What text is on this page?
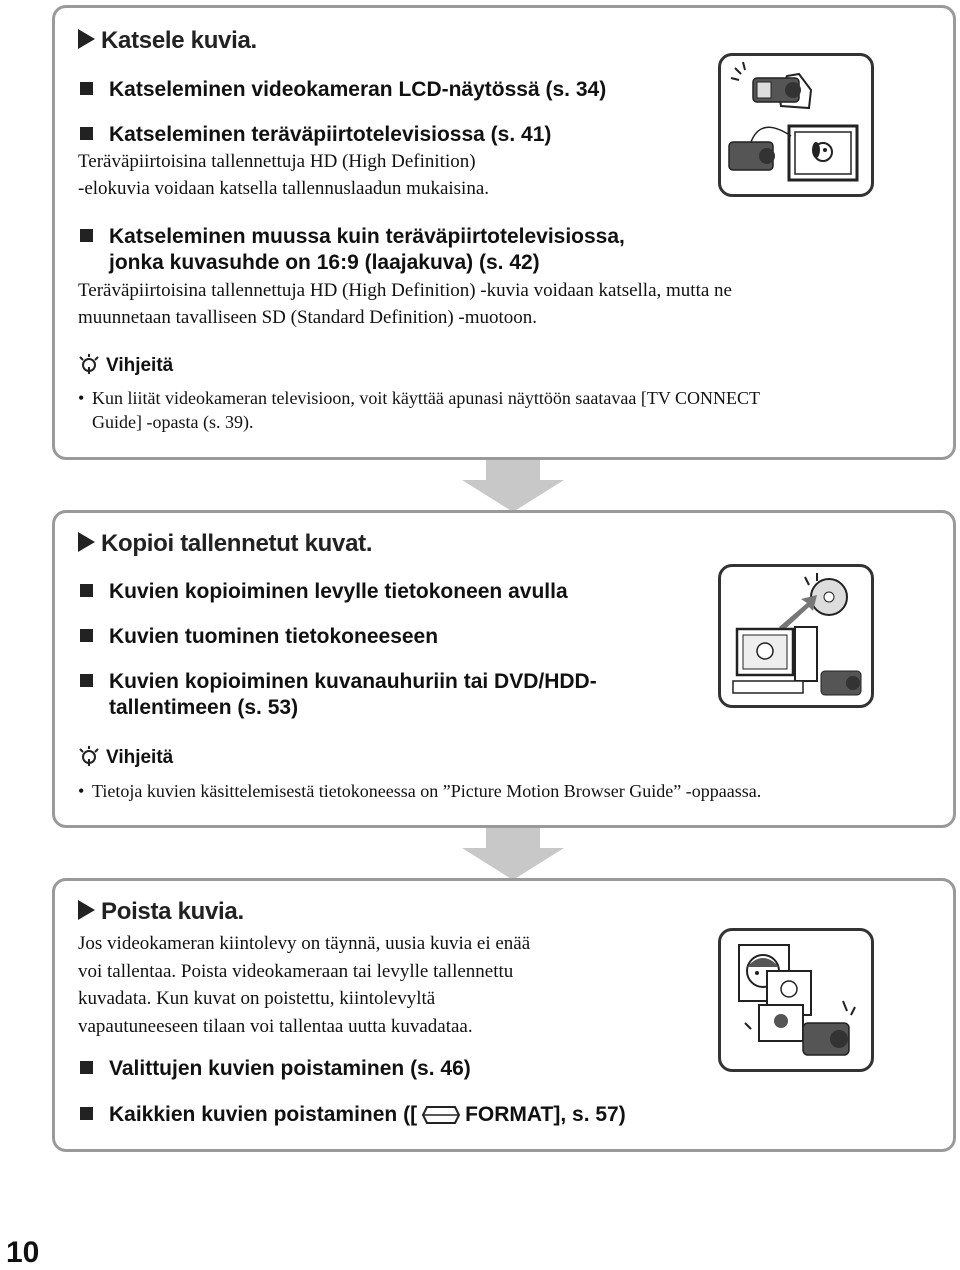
Katsele kuvia.
Katseleminen videokameran LCD-näytössä (s. 34)
Katseleminen teräväpiirtotelevisiossa (s. 41)
Teräväpiirtoisina tallennettuja HD (High Definition)
-elokuvia voidaan katsella tallennuslaadun mukaisina.
Katseleminen muussa kuin teräväpiirtotelevisiossa,
jonka kuvasuhde on 16:9 (laajakuva) (s. 42)
Teräväpiirtoisina tallennettuja HD (High Definition) -kuvia voidaan katsella, mutta ne
muunnetaan tavalliseen SD (Standard Definition) -muotoon.
Vihjeitä
• Kun liität videokameran televisioon, voit käyttää apunasi näyttöön saatavaa [TV CONNECT
Guide] -opasta (s. 39).
Kopioi tallennetut kuvat.
Kuvien kopioiminen levylle tietokoneen avulla
Kuvien tuominen tietokoneeseen
Kuvien kopioiminen kuvanauhuriin tai DVD/HDD-
tallentimeen (s. 53)
Vihjeitä
• Tietoja kuvien käsittelemisestä tietokoneessa on ”Picture Motion Browser Guide” -oppaassa.
Poista kuvia.
Jos videokameran kiintolevy on täynnä, uusia kuvia ei enää
voi tallentaa. Poista videokameraan tai levylle tallennettu
kuvadata. Kun kuvat on poistettu, kiintolevyltä
vapautuneeseen tilaan voi tallentaa uutta kuvadataa.
Valittujen kuvien poistaminen (s. 46)
Kaikkien kuvien poistaminen ([ FORMAT], s. 57)
10
